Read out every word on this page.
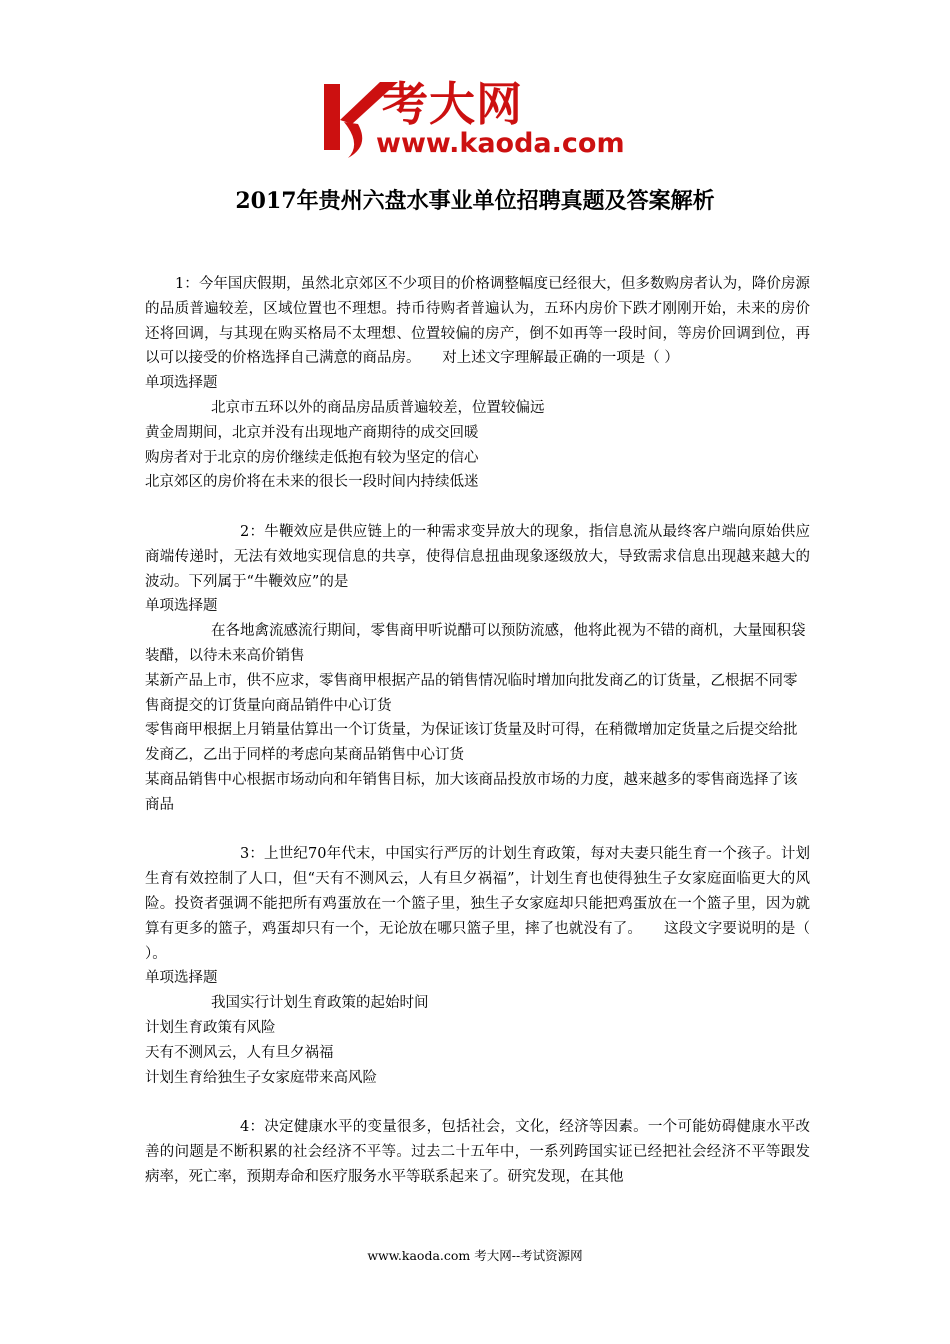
考大网
www.kaoda.com
2017年贵州六盘水事业单位招聘真题及答案解析

1：今年国庆假期，虽然北京郊区不少项目的价格调整幅度已经很大，但多数购房者认为，降价房源的品质普遍较差，区域位置也不理想。持币待购者普遍认为，五环内房价下跌才刚刚开始，未来的房价还将回调，与其现在购买格局不太理想、位置较偏的房产，倒不如再等一段时间，等房价回调到位，再以可以接受的价格选择自己满意的商品房。　　对上述文字理解最正确的一项是（ ）

单项选择题

北京市五环以外的商品房品质普遍较差，位置较偏远

黄金周期间，北京并没有出现地产商期待的成交回暖

购房者对于北京的房价继续走低抱有较为坚定的信心

北京郊区的房价将在未来的很长一段时间内持续低迷

2：牛鞭效应是供应链上的一种需求变异放大的现象，指信息流从最终客户端向原始供应商端传递时，无法有效地实现信息的共享，使得信息扭曲现象逐级放大，导致需求信息出现越来越大的波动。下列属于“牛鞭效应”的是

单项选择题

在各地禽流感流行期间，零售商甲听说醋可以预防流感，他将此视为不错的商机，大量囤积袋装醋，以待未来高价销售

某新产品上市，供不应求，零售商甲根据产品的销售情况临时增加向批发商乙的订货量，乙根据不同零售商提交的订货量向商品销件中心订货

零售商甲根据上月销量估算出一个订货量，为保证该订货量及时可得，在稍微增加定货量之后提交给批发商乙，乙出于同样的考虑向某商品销售中心订货

某商品销售中心根据市场动向和年销售目标，加大该商品投放市场的力度，越来越多的零售商选择了该商品

3：上世纪70年代末，中国实行严厉的计划生育政策，每对夫妻只能生育一个孩子。计划生育有效控制了人口，但“天有不测风云，人有旦夕祸福”，计划生育也使得独生子女家庭面临更大的风险。投资者强调不能把所有鸡蛋放在一个篮子里，独生子女家庭却只能把鸡蛋放在一个篮子里，因为就算有更多的篮子，鸡蛋却只有一个，无论放在哪只篮子里，摔了也就没有了。　　这段文字要说明的是（ ）。

单项选择题

我国实行计划生育政策的起始时间

计划生育政策有风险

天有不测风云，人有旦夕祸福

计划生育给独生子女家庭带来高风险

4：决定健康水平的变量很多，包括社会，文化，经济等因素。一个可能妨碍健康水平改善的问题是不断积累的社会经济不平等。过去二十五年中，一系列跨国实证已经把社会经济不平等跟发病率，死亡率，预期寿命和医疗服务水平等联系起来了。研究发现，在其他

www.kaoda.com 考大网--考试资源网
